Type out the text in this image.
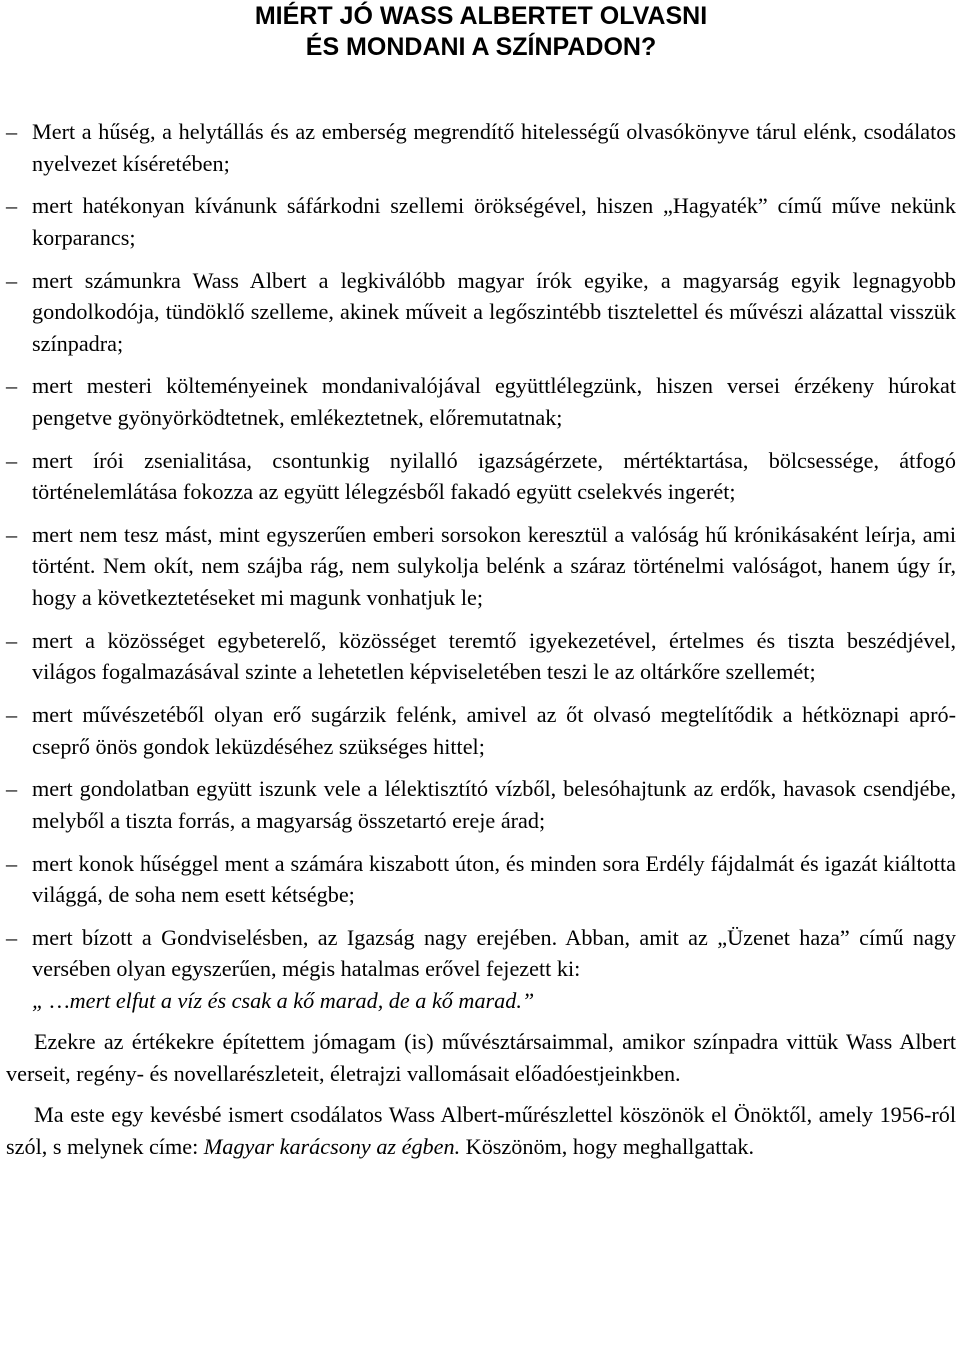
MIÉRT JÓ WASS ALBERTET OLVASNI
ÉS MONDANI A SZÍNPADON?
– Mert a hűség, a helytállás és az emberség megrendítő hitelességű olvasókönyve tárul elénk, csodálatos nyelvezet kíséretében;
– mert hatékonyan kívánunk sáfárkodni szellemi örökségével, hiszen „Hagyaték” című műve nekünk korparancs;
– mert számunkra Wass Albert a legkiválóbb magyar írók egyike, a magyarság egyik legnagyobb gondolkodója, tündöklő szelleme, akinek műveit a legőszintébb tisztelettel és művészi alázattal visszük színpadra;
– mert mesteri költeményeinek mondanivalójával együttlélegzünk, hiszen versei érzékeny húrokat pengetve gyönyörködtetnek, emlékeztetnek, előremutatnak;
– mert írói zsenialitása, csontunkig nyilalló igazságérzete, mértéktartása, bölcsessége, átfogó történelemlátása fokozza az együtt lélegzésből fakadó együtt cselekvés ingerét;
– mert nem tesz mást, mint egyszerűen emberi sorsokon keresztül a valóság hű krónikásaként leírja, ami történt. Nem okít, nem szájba rág, nem sulykolja belénk a száraz történelmi valóságot, hanem úgy ír, hogy a következtetéseket mi magunk vonhatjuk le;
– mert a közösséget egybeterelő, közösséget teremtő igyekezetével, értelmes és tiszta beszédjével, világos fogalmazásával szinte a lehetetlen képviseletében teszi le az oltárkőre szellemét;
– mert művészetéből olyan erő sugárzik felénk, amivel az őt olvasó megtelítődik a hétköznapi apró-cseprő önös gondok leküzdéséhez szükséges hittel;
– mert gondolatban együtt iszunk vele a lélektisztító vízből, belesóhajtunk az erdők, havasok csendjébe, melyből a tiszta forrás, a magyarság összetartó ereje árad;
– mert konok hűséggel ment a számára kiszabott úton, és minden sora Erdély fájdalmát és igazát kiáltotta világgá, de soha nem esett kétségbe;
– mert bízott a Gondviselésben, az Igazság nagy erejében. Abban, amit az „Üzenet haza” című nagy versében olyan egyszerűen, mégis hatalmas erővel fejezett ki:
„ …mert elfut a víz és csak a kő marad, de a kő marad.”

Ezekre az értékekre építettem jómagam (is) művésztársaimmal, amikor színpadra vittük Wass Albert verseit, regény- és novellarészleteit, életrajzi vallomásait előadóestjeinkben.

Ma este egy kevésbé ismert csodálatos Wass Albert-műrészlettel köszönök el Önöktől, amely 1956-ról szól, s melynek címe: Magyar karácsony az égben. Köszönöm, hogy meghallgattak.
